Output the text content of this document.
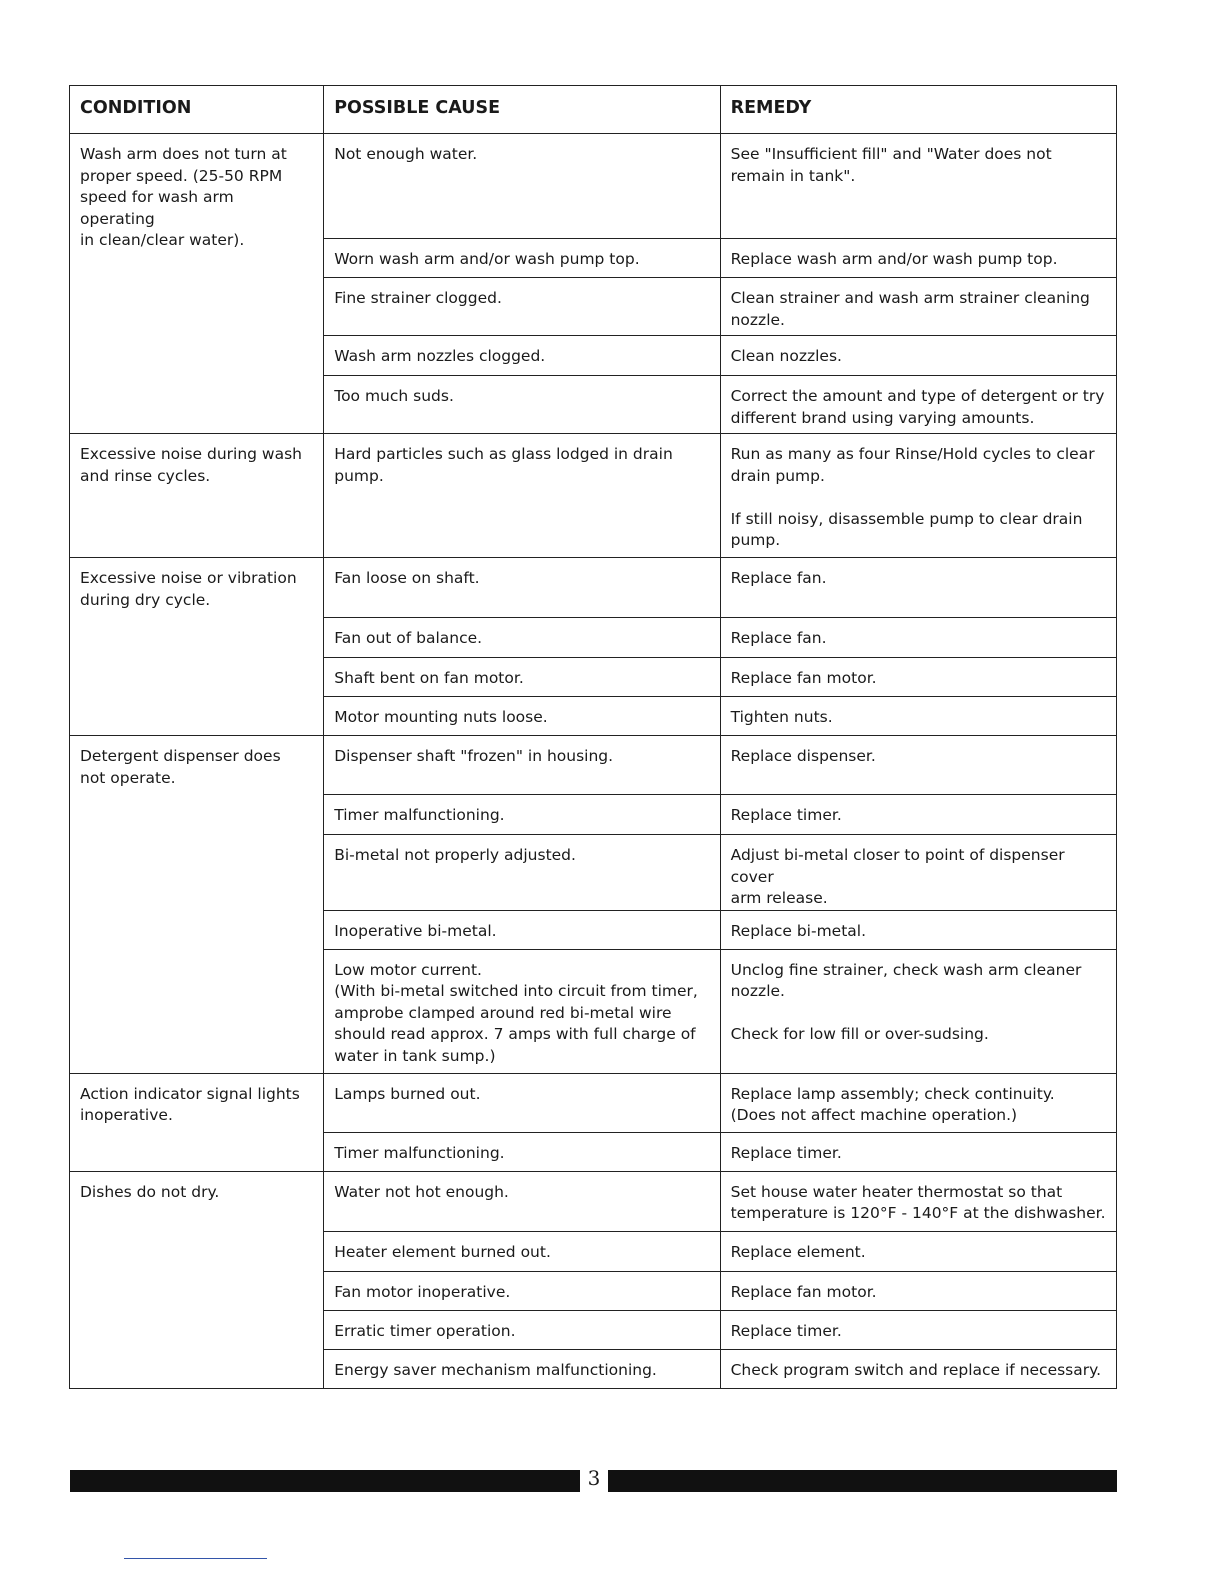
CONDITION	POSSIBLE CAUSE	REMEDY

Wash arm does not turn at
proper speed. (25-50 RPM
speed for wash arm operating
in clean/clear water).	Not enough water.	See "Insufficient fill" and "Water does not
remain in tank".

	Worn wash arm and/or wash pump top.	Replace wash arm and/or wash pump top.

	Fine strainer clogged.	Clean strainer and wash arm strainer cleaning
nozzle.

	Wash arm nozzles clogged.	Clean nozzles.

	Too much suds.	Correct the amount and type of detergent or try
different brand using varying amounts.

Excessive noise during wash
and rinse cycles.	Hard particles such as glass lodged in drain
pump.	Run as many as four Rinse/Hold cycles to clear
drain pump.

If still noisy, disassemble pump to clear drain
pump.

Excessive noise or vibration
during dry cycle.	Fan loose on shaft.	Replace fan.

	Fan out of balance.	Replace fan.

	Shaft bent on fan motor.	Replace fan motor.

	Motor mounting nuts loose.	Tighten nuts.

Detergent dispenser does
not operate.	Dispenser shaft "frozen" in housing.	Replace dispenser.

	Timer malfunctioning.	Replace timer.

	Bi-metal not properly adjusted.	Adjust bi-metal closer to point of dispenser cover
arm release.

	Inoperative bi-metal.	Replace bi-metal.

	Low motor current.
(With bi-metal switched into circuit from timer,
amprobe clamped around red bi-metal wire
should read approx. 7 amps with full charge of
water in tank sump.)	Unclog fine strainer, check wash arm cleaner
nozzle.

Check for low fill or over-sudsing.

Action indicator signal lights
inoperative.	Lamps burned out.	Replace lamp assembly; check continuity.
(Does not affect machine operation.)

	Timer malfunctioning.	Replace timer.

Dishes do not dry.	Water not hot enough.	Set house water heater thermostat so that
temperature is 120°F - 140°F at the dishwasher.

	Heater element burned out.	Replace element.

	Fan motor inoperative.	Replace fan motor.

	Erratic timer operation.	Replace timer.

	Energy saver mechanism malfunctioning.	Check program switch and replace if necessary.
3
